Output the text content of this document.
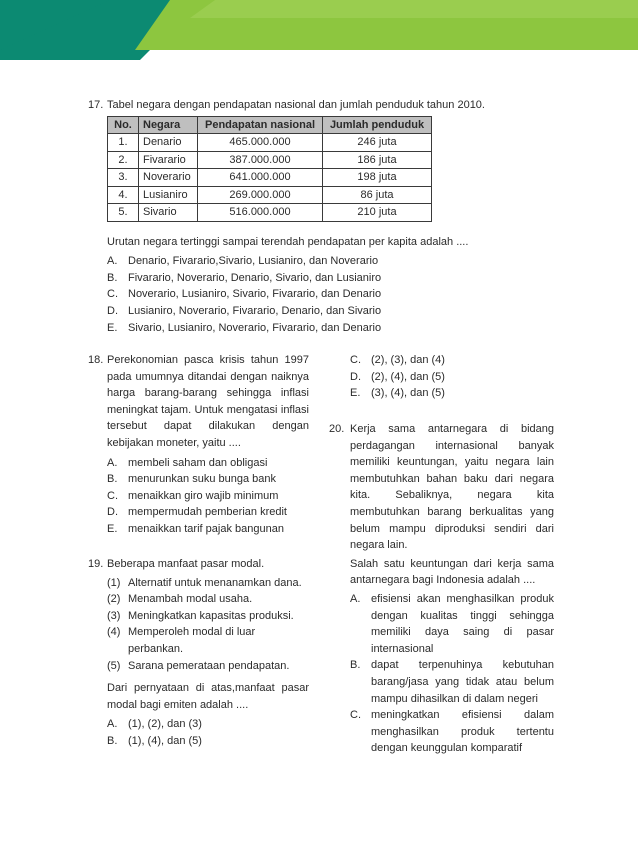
17. Tabel negara dengan pendapatan nasional dan jumlah penduduk tahun 2010.
No.	Negara	Pendapatan nasional	Jumlah penduduk
1.	Denario	465.000.000	246 juta
2.	Fivarario	387.000.000	186 juta
3.	Noverario	641.000.000	198 juta
4.	Lusianiro	269.000.000	86 juta
5.	Sivario	516.000.000	210 juta
Urutan negara tertinggi sampai terendah pendapatan per kapita adalah ....
A. Denario, Fivarario,Sivario, Lusianiro, dan Noverario
B. Fivarario, Noverario, Denario, Sivario, dan Lusianiro
C. Noverario, Lusianiro, Sivario, Fivarario, dan Denario
D. Lusianiro, Noverario, Fivarario, Denario, dan Sivario
E. Sivario, Lusianiro, Noverario, Fivarario, dan Denario
18. Perekonomian pasca krisis tahun 1997 pada umumnya ditandai dengan naiknya harga barang-barang sehingga inflasi meningkat tajam. Untuk mengatasi inflasi tersebut dapat dilakukan dengan kebijakan moneter, yaitu ....
A. membeli saham dan obligasi
B. menurunkan suku bunga bank
C. menaikkan giro wajib minimum
D. mempermudah pemberian kredit
E. menaikkan tarif pajak bangunan
19. Beberapa manfaat pasar modal.
(1) Alternatif untuk menanamkan dana.
(2) Menambah modal usaha.
(3) Meningkatkan kapasitas produksi.
(4) Memperoleh modal di luar perbankan.
(5) Sarana pemerataan pendapatan.
Dari pernyataan di atas,manfaat pasar modal bagi emiten adalah ....
A. (1), (2), dan (3)
B. (1), (4), dan (5)
C. (2), (3), dan (4)
D. (2), (4), dan (5)
E. (3), (4), dan (5)
20. Kerja sama antarnegara di bidang perdagangan internasional banyak memiliki keuntungan, yaitu negara lain membutuhkan bahan baku dari negara kita. Sebaliknya, negara kita membutuhkan barang berkualitas yang belum mampu diproduksi sendiri dari negara lain.
Salah satu keuntungan dari kerja sama antarnegara bagi Indonesia adalah ....
A. efisiensi akan menghasilkan produk dengan kualitas tinggi sehingga memiliki daya saing di pasar internasional
B. dapat terpenuhinya kebutuhan barang/jasa yang tidak atau belum mampu dihasilkan di dalam negeri
C. meningkatkan efisiensi dalam menghasilkan produk tertentu dengan keunggulan komparatif
